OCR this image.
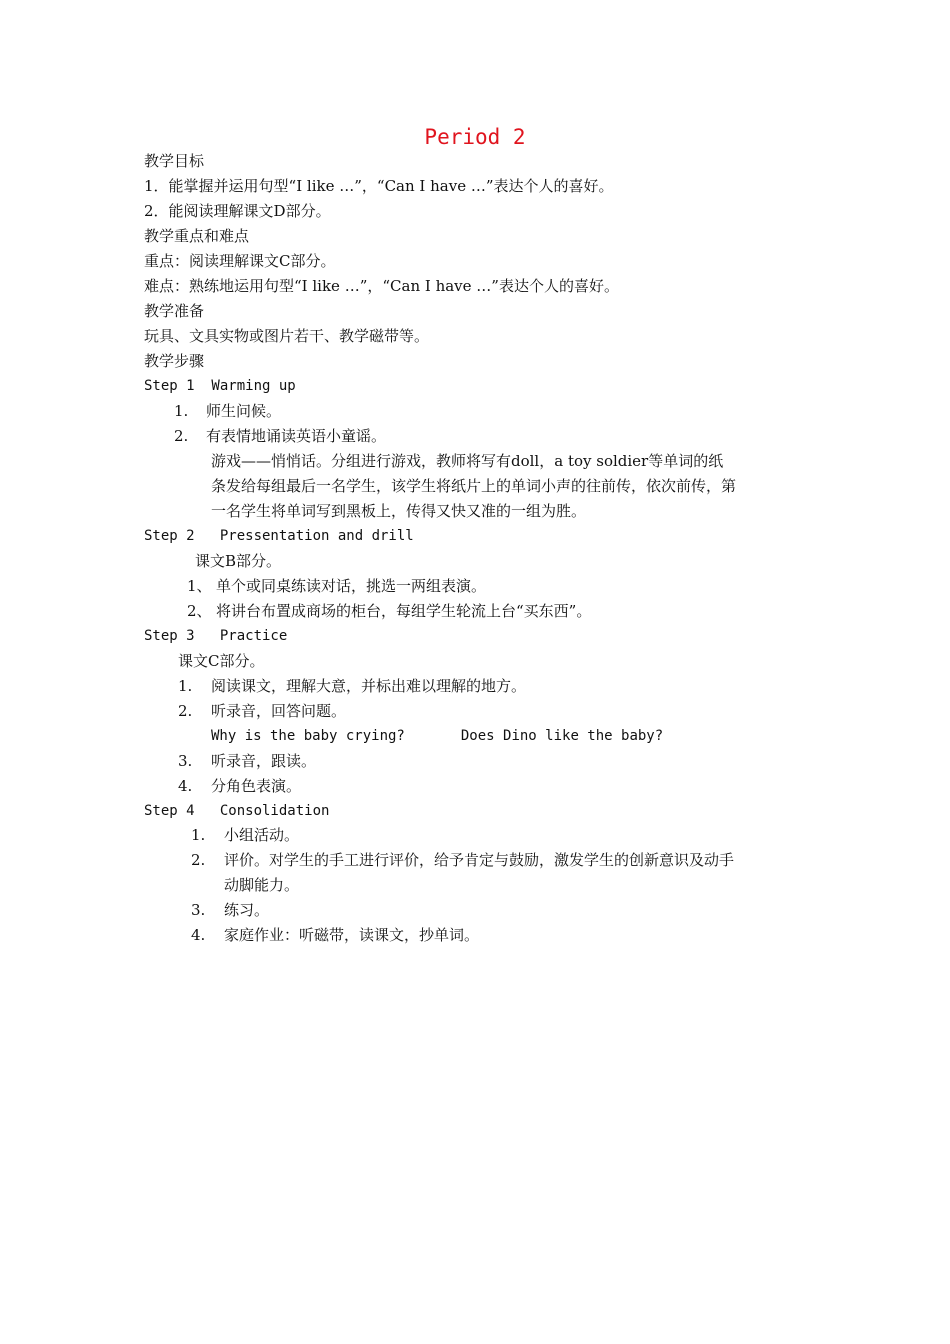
Period 2
教学目标
1．能掌握并运用句型“I like …”，“Can I have …”表达个人的喜好。
2．能阅读理解课文D部分。
教学重点和难点
重点：阅读理解课文C部分。
难点：熟练地运用句型“I like …”，“Can I have …”表达个人的喜好。
教学准备
玩具、文具实物或图片若干、教学磁带等。
教学步骤
Step 1  Warming up
1. 师生问候。
2. 有表情地诵读英语小童谣。
游戏——悄悄话。分组进行游戏，教师将写有doll，a toy soldier等单词的纸
条发给每组最后一名学生，该学生将纸片上的单词小声的往前传，依次前传，第
一名学生将单词写到黑板上，传得又快又准的一组为胜。
Step 2   Pressentation and drill
课文B部分。
1、 单个或同桌练读对话，挑选一两组表演。
2、 将讲台布置成商场的柜台，每组学生轮流上台“买东西”。
Step 3   Practice
课文C部分。
1. 阅读课文，理解大意，并标出难以理解的地方。
2. 听录音，回答问题。
Why is the baby crying?	Does Dino like the baby?
3. 听录音，跟读。
4. 分角色表演。
Step 4   Consolidation
1. 小组活动。
2. 评价。对学生的手工进行评价，给予肯定与鼓励，激发学生的创新意识及动手
动脚能力。
3. 练习。
4. 家庭作业：听磁带，读课文，抄单词。
